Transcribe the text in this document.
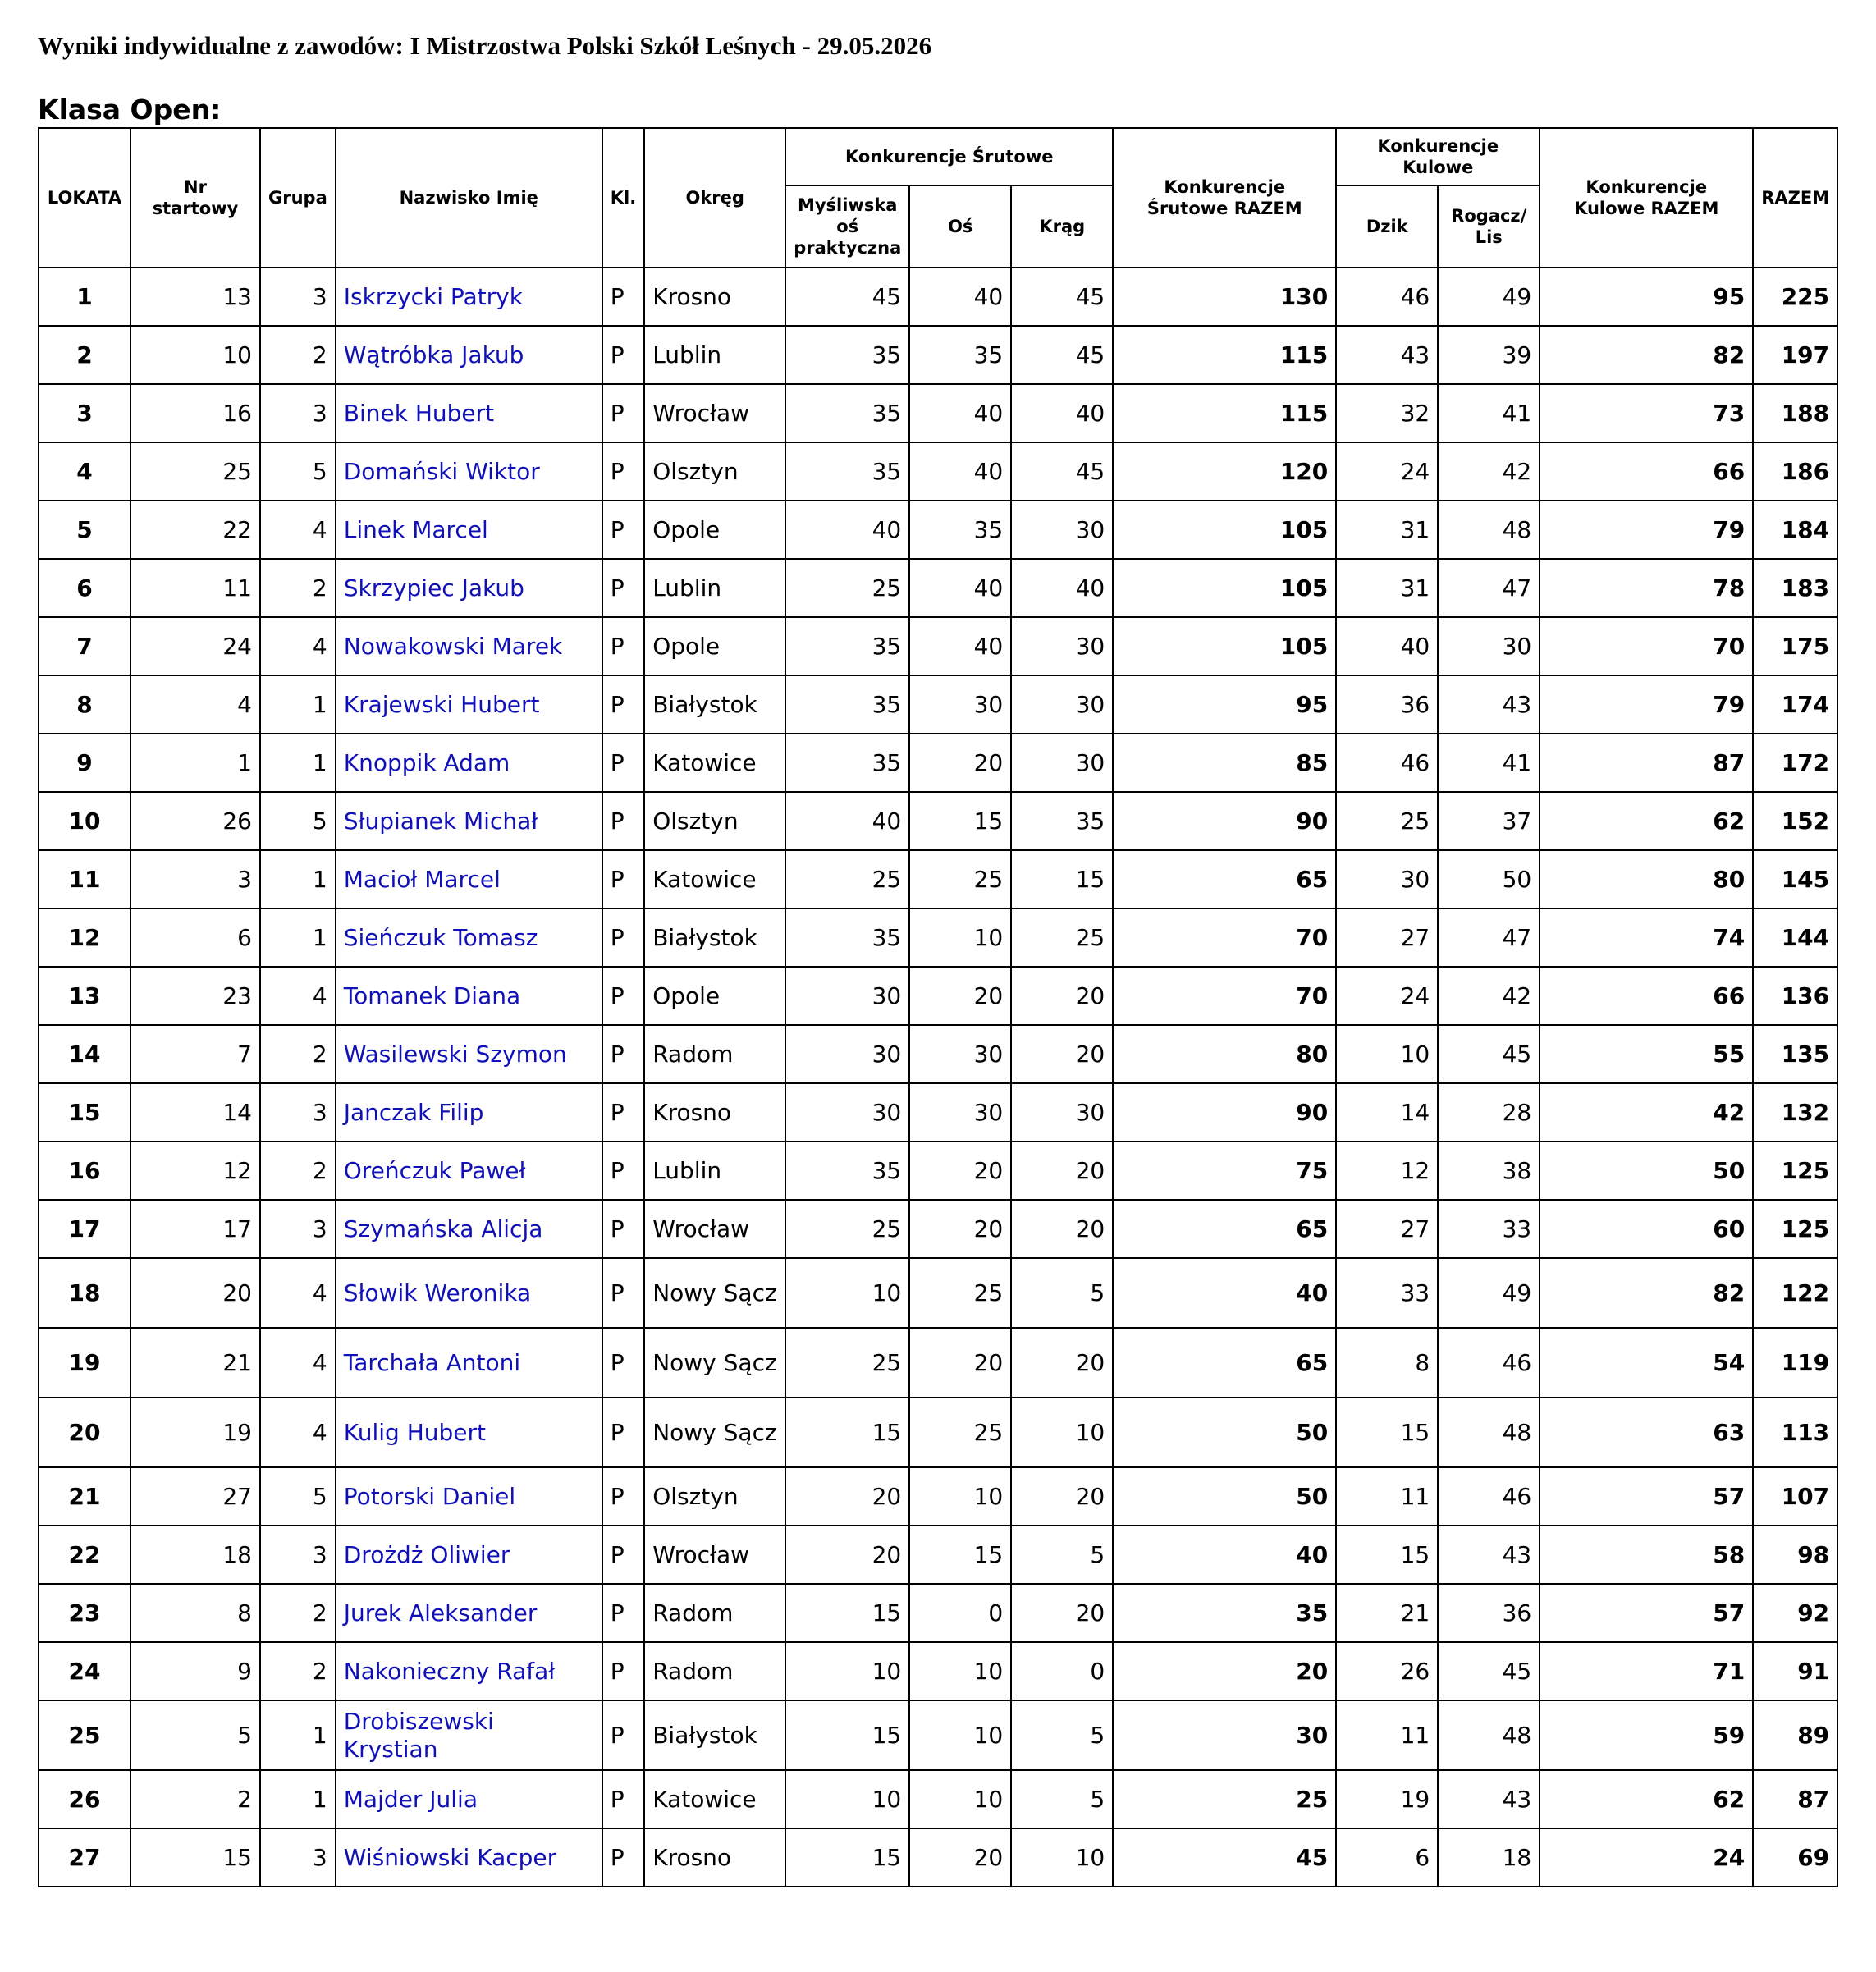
Wyniki indywidualne z zawodów: I Mistrzostwa Polski Szkół Leśnych - 29.05.2026
Klasa Open:
LOKATA	Nr startowy	Grupa	Nazwisko Imię	Kl.	Okręg	Konkurencje Śrutowe			Konkurencje Śrutowe RAZEM	Konkurencje Kulowe		Konkurencje Kulowe RAZEM	RAZEM
						Myśliwska oś praktyczna	Oś	Krąg		Dzik	Rogacz/ Lis		
1	13	3	Iskrzycki Patryk	P	Krosno	45	40	45	130	46	49	95	225
2	10	2	Wątróbka Jakub	P	Lublin	35	35	45	115	43	39	82	197
3	16	3	Binek Hubert	P	Wrocław	35	40	40	115	32	41	73	188
4	25	5	Domański Wiktor	P	Olsztyn	35	40	45	120	24	42	66	186
5	22	4	Linek Marcel	P	Opole	40	35	30	105	31	48	79	184
6	11	2	Skrzypiec Jakub	P	Lublin	25	40	40	105	31	47	78	183
7	24	4	Nowakowski Marek	P	Opole	35	40	30	105	40	30	70	175
8	4	1	Krajewski Hubert	P	Białystok	35	30	30	95	36	43	79	174
9	1	1	Knoppik Adam	P	Katowice	35	20	30	85	46	41	87	172
10	26	5	Słupianek Michał	P	Olsztyn	40	15	35	90	25	37	62	152
11	3	1	Macioł Marcel	P	Katowice	25	25	15	65	30	50	80	145
12	6	1	Sieńczuk Tomasz	P	Białystok	35	10	25	70	27	47	74	144
13	23	4	Tomanek Diana	P	Opole	30	20	20	70	24	42	66	136
14	7	2	Wasilewski Szymon	P	Radom	30	30	20	80	10	45	55	135
15	14	3	Janczak Filip	P	Krosno	30	30	30	90	14	28	42	132
16	12	2	Oreńczuk Paweł	P	Lublin	35	20	20	75	12	38	50	125
17	17	3	Szymańska Alicja	P	Wrocław	25	20	20	65	27	33	60	125
18	20	4	Słowik Weronika	P	Nowy Sącz	10	25	5	40	33	49	82	122
19	21	4	Tarchała Antoni	P	Nowy Sącz	25	20	20	65	8	46	54	119
20	19	4	Kulig Hubert	P	Nowy Sącz	15	25	10	50	15	48	63	113
21	27	5	Potorski Daniel	P	Olsztyn	20	10	20	50	11	46	57	107
22	18	3	Drożdż Oliwier	P	Wrocław	20	15	5	40	15	43	58	98
23	8	2	Jurek Aleksander	P	Radom	15	0	20	35	21	36	57	92
24	9	2	Nakonieczny Rafał	P	Radom	10	10	0	20	26	45	71	91
25	5	1	Drobiszewski Krystian	P	Białystok	15	10	5	30	11	48	59	89
26	2	1	Majder Julia	P	Katowice	10	10	5	25	19	43	62	87
27	15	3	Wiśniowski Kacper	P	Krosno	15	20	10	45	6	18	24	69
